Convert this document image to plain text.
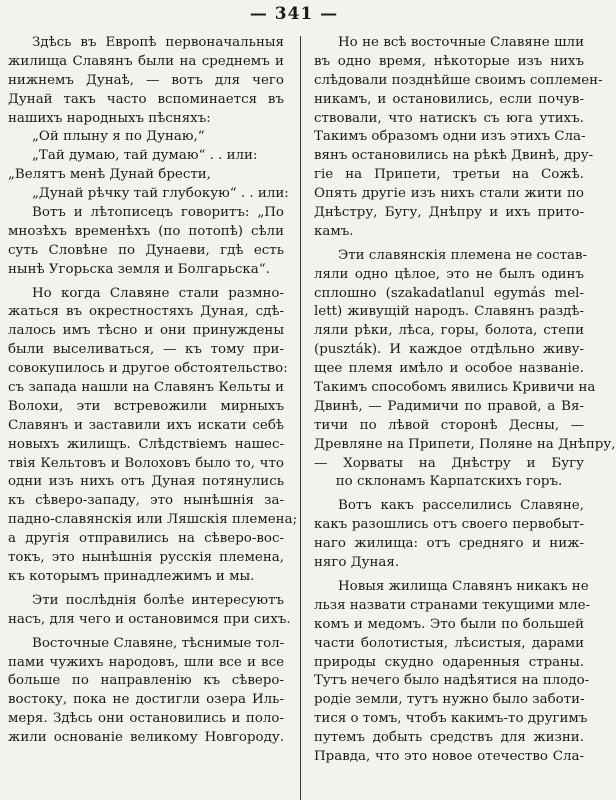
— 341 —
Здѣсь въ Европѣ первоначальныя
жилища Славянъ были на среднемъ и
нижнемъ Дунаѣ, — вотъ для чего
Дунай такъ часто вспоминается въ
нашихъ народныхъ пѣсняхъ:
„Ой плыну я по Дунаю,“
„Тай думаю, тай думаю“ . . или:
„Велятъ менѣ Дунай брести,
„Дунай рѣчку тай глубокую“ . . или:
Вотъ и лѣтописецъ говоритъ: „По
мнозѣхъ временѣхъ (по потопѣ) сѣли
суть Словѣне по Дунаеви, гдѣ есть
нынѣ Угорьска земля и Болгарьска“.
Но когда Славяне стали размно-
жаться въ окрестностяхъ Дуная, сдѣ-
лалось имъ тѣсно и они принуждены
были выселиваться, — къ тому при-
совокупилось и другое обстоятельство:
съ запада нашли на Славянъ Кельты и
Волохи, эти встревожили мирныхъ
Славянъ и заставили ихъ искати себѣ
новыхъ жилищъ. Слѣдствіемъ нашес-
твія Кельтовъ и Волоховъ было то, что
одни изъ нихъ отъ Дуная потянулись
къ сѣверо-западу, это нынѣшнія за-
падно-славянскія или Ляшскія племена;
а другія отправились на сѣверо-вос-
токъ, это нынѣшнія русскія племена,
къ которымъ принадлежимъ и мы.
Эти послѣднія болѣе интересуютъ
насъ, для чего и остановимся при сихъ.
Восточные Славяне, тѣснимые тол-
пами чужихъ народовъ, шли все и все
больше по направленію къ сѣверо-
востоку, пока не достигли озера Иль-
меря. Здѣсь они остановились и поло-
жили основаніе великому Новгороду.
Но не всѣ восточные Славяне шли
въ одно время, нѣкоторые изъ нихъ
слѣдовали позднѣйше своимъ соплемен-
никамъ, и остановились, если почув-
ствовали, что натискъ съ юга утихъ.
Такимъ образомъ одни изъ этихъ Сла-
вянъ остановились на рѣкѣ Двинѣ, дру-
гіе на Припети, третьи на Сожѣ.
Опять другіе изъ нихъ стали жити по
Днѣстру, Бугу, Днѣпру и ихъ прито-
камъ.
Эти славянскія племена не состав-
ляли одно цѣлое, это не былъ одинъ
сплошно (szakadatlanul egymás mel-
lett) живущій народъ. Славянъ раздѣ-
ляли рѣки, лѣса, горы, болота, степи
(puszták). И каждое отдѣльно живу-
щее племя имѣло и особое названіе.
Такимъ способомъ явились Кривичи на
Двинѣ, — Радимичи по правой, а Вя-
тичи по лѣвой сторонѣ Десны, —
Древляне на Припети, Поляне на Днѣпру,
— Хорваты на Днѣстру и Бугу
по склонамъ Карпатскихъ горъ.
Вотъ какъ расселились Славяне,
какъ разошлись отъ своего первобыт-
наго жилища: отъ средняго и ниж-
няго Дуная.
Новыя жилища Славянъ никакъ не
льзя назвати странами текущими мле-
комъ и медомъ. Это были по большей
части болотистыя, лѣсистыя, дарами
природы скудно одаренныя страны.
Тутъ нечего было надѣятися на плодо-
родіе земли, тутъ нужно было заботи-
тися о томъ, чтобъ какимъ-то другимъ
путемъ добыть средствъ для жизни.
Правда, что это новое отечество Сла-
